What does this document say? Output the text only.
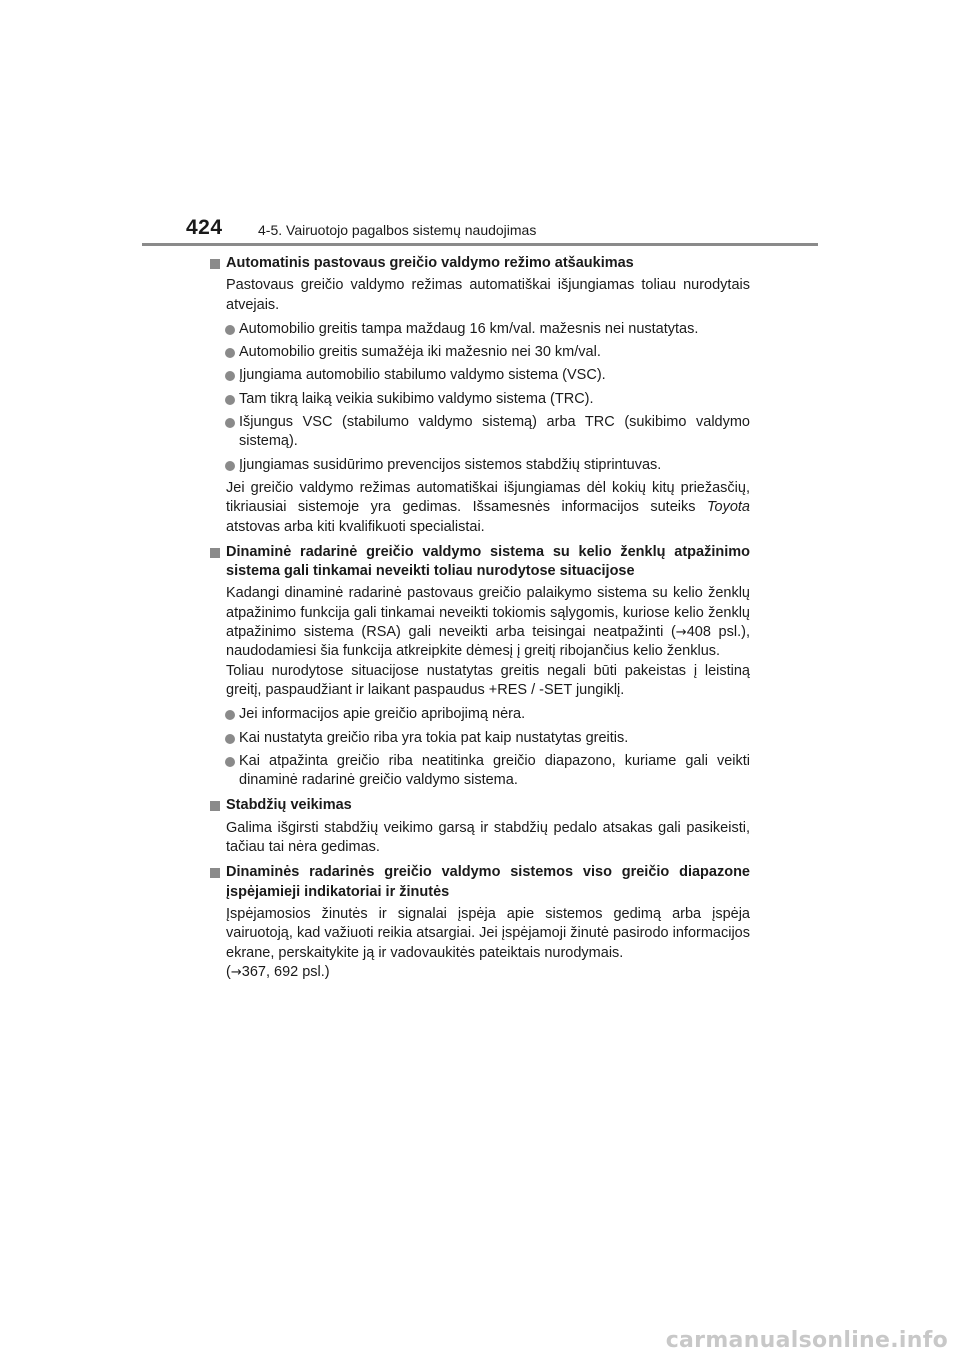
424	4-5. Vairuotojo pagalbos sistemų naudojimas
Automatinis pastovaus greičio valdymo režimo atšaukimas
Pastovaus greičio valdymo režimas automatiškai išjungiamas toliau nurodytais atvejais.
Automobilio greitis tampa maždaug 16 km/val. mažesnis nei nustatytas.
Automobilio greitis sumažėja iki mažesnio nei 30 km/val.
Įjungiama automobilio stabilumo valdymo sistema (VSC).
Tam tikrą laiką veikia sukibimo valdymo sistema (TRC).
Išjungus VSC (stabilumo valdymo sistemą) arba TRC (sukibimo valdymo sistemą).
Įjungiamas susidūrimo prevencijos sistemos stabdžių stiprintuvas.
Jei greičio valdymo režimas automatiškai išjungiamas dėl kokių kitų priežasčių, tikriausiai sistemoje yra gedimas. Išsamesnės informacijos suteiks Toyota atstovas arba kiti kvalifikuoti specialistai.
Dinaminė radarinė greičio valdymo sistema su kelio ženklų atpažinimo sistema gali tinkamai neveikti toliau nurodytose situacijose
Kadangi dinaminė radarinė pastovaus greičio palaikymo sistema su kelio ženklų atpažinimo funkcija gali tinkamai neveikti tokiomis sąlygomis, kuriose kelio ženklų atpažinimo sistema (RSA) gali neveikti arba teisingai neatpažinti (→408 psl.), naudodamiesi šia funkcija atkreipkite dėmesį į greitį ribojančius kelio ženklus.
Toliau nurodytose situacijose nustatytas greitis negali būti pakeistas į leistiną greitį, paspaudžiant ir laikant paspaudus +RES / -SET jungiklį.
Jei informacijos apie greičio apribojimą nėra.
Kai nustatyta greičio riba yra tokia pat kaip nustatytas greitis.
Kai atpažinta greičio riba neatitinka greičio diapazono, kuriame gali veikti dinaminė radarinė greičio valdymo sistema.
Stabdžių veikimas
Galima išgirsti stabdžių veikimo garsą ir stabdžių pedalo atsakas gali pasikeisti, tačiau tai nėra gedimas.
Dinaminės radarinės greičio valdymo sistemos viso greičio diapazone įspėjamieji indikatoriai ir žinutės
Įspėjamosios žinutės ir signalai įspėja apie sistemos gedimą arba įspėja vairuotoją, kad važiuoti reikia atsargiai. Jei įspėjamoji žinutė pasirodo informacijos ekrane, perskaitykite ją ir vadovaukitės pateiktais nurodymais.
(→367, 692 psl.)
carmanualsonline.info
